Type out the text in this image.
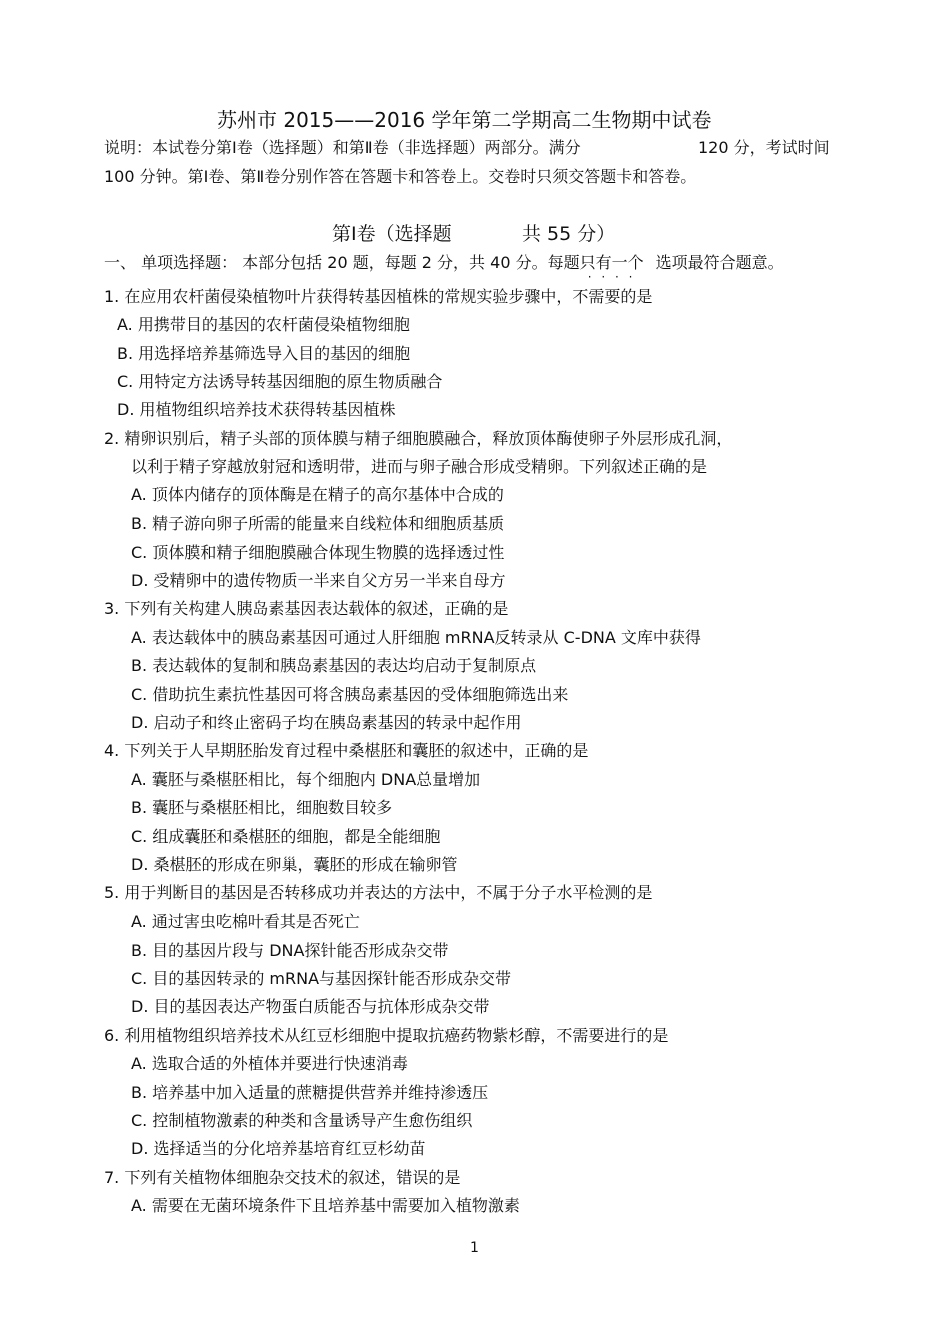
苏州市 2015——2016 学年第二学期高二生物期中试卷
说明：本试卷分第Ⅰ卷（选择题）和第Ⅱ卷（非选择题）两部分。满分	120 分，考试时间
100 分钟。第Ⅰ卷、第Ⅱ卷分别作答在答题卡和答卷上。交卷时只须交答题卡和答卷。
第Ⅰ卷（选择题	共 55 分）
一、 单项选择题： 本部分包括 20 题，每题 2 分，共 40 分。每题只有一个 · · · · 选项最符合题意。
1. 在应用农杆菌侵染植物叶片获得转基因植株的常规实验步骤中，不需要的是
A. 用携带目的基因的农杆菌侵染植物细胞
B. 用选择培养基筛选导入目的基因的细胞
C. 用特定方法诱导转基因细胞的原生物质融合
D. 用植物组织培养技术获得转基因植株
2. 精卵识别后，精子头部的顶体膜与精子细胞膜融合，释放顶体酶使卵子外层形成孔洞，
以利于精子穿越放射冠和透明带，进而与卵子融合形成受精卵。下列叙述正确的是
A. 顶体内储存的顶体酶是在精子的高尔基体中合成的
B. 精子游向卵子所需的能量来自线粒体和细胞质基质
C. 顶体膜和精子细胞膜融合体现生物膜的选择透过性
D. 受精卵中的遗传物质一半来自父方另一半来自母方
3. 下列有关构建人胰岛素基因表达载体的叙述，正确的是
A. 表达载体中的胰岛素基因可通过人肝细胞 mRNA反转录从 C-DNA 文库中获得
B. 表达载体的复制和胰岛素基因的表达均启动于复制原点
C. 借助抗生素抗性基因可将含胰岛素基因的受体细胞筛选出来
D. 启动子和终止密码子均在胰岛素基因的转录中起作用
4. 下列关于人早期胚胎发育过程中桑椹胚和囊胚的叙述中，正确的是
A. 囊胚与桑椹胚相比，每个细胞内 DNA总量增加
B. 囊胚与桑椹胚相比，细胞数目较多
C. 组成囊胚和桑椹胚的细胞，都是全能细胞
D. 桑椹胚的形成在卵巢，囊胚的形成在输卵管
5. 用于判断目的基因是否转移成功并表达的方法中，不属于分子水平检测的是
A. 通过害虫吃棉叶看其是否死亡
B. 目的基因片段与 DNA探针能否形成杂交带
C. 目的基因转录的 mRNA与基因探针能否形成杂交带
D. 目的基因表达产物蛋白质能否与抗体形成杂交带
6. 利用植物组织培养技术从红豆杉细胞中提取抗癌药物紫杉醇，不需要进行的是
A. 选取合适的外植体并要进行快速消毒
B. 培养基中加入适量的蔗糖提供营养并维持渗透压
C. 控制植物激素的种类和含量诱导产生愈伤组织
D. 选择适当的分化培养基培育红豆杉幼苗
7. 下列有关植物体细胞杂交技术的叙述，错误的是
A. 需要在无菌环境条件下且培养基中需要加入植物激素
1
